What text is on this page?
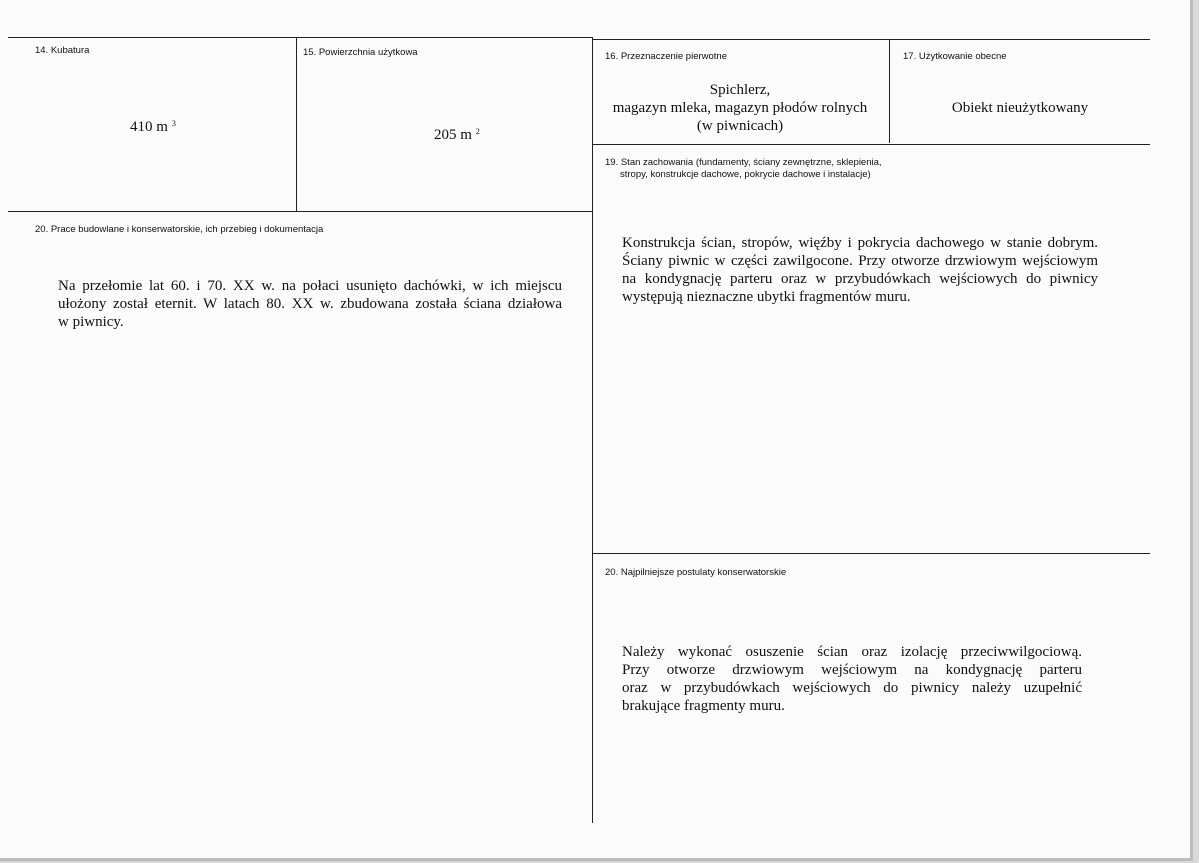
14. Kubatura
410 m $^3$
15. Powierzchnia użytkowa
205 m $^2$
16. Przeznaczenie pierwotne
Spichlerz,
magazyn mleka, magazyn płodów rolnych
(w piwnicach)
17. Użytkowanie obecne
Obiekt nieużytkowany
19. Stan zachowania (fundamenty, ściany zewnętrzne, sklepienia,
stropy, konstrukcje dachowe, pokrycie dachowe i instalacje)
Konstrukcja ścian, stropów, więźby i pokrycia dachowego w stanie dobrym.
Ściany piwnic w części zawilgocone. Przy otworze drzwiowym wejściowym
na kondygnację parteru oraz w przybudówkach wejściowych do piwnicy
występują nieznaczne ubytki fragmentów muru.
20. Prace budowlane i konserwatorskie, ich przebieg i dokumentacja
Na przełomie lat 60. i 70. XX w. na połaci usunięto dachówki, w ich miejscu
ułożony został eternit. W latach 80. XX w. zbudowana została ściana działowa
w piwnicy.
20. Najpilniejsze postulaty konserwatorskie
Należy wykonać osuszenie ścian oraz izolację przeciwwilgociową.
Przy otworze drzwiowym wejściowym na kondygnację parteru
oraz w przybudówkach wejściowych do piwnicy należy uzupełnić
brakujące fragmenty muru.
